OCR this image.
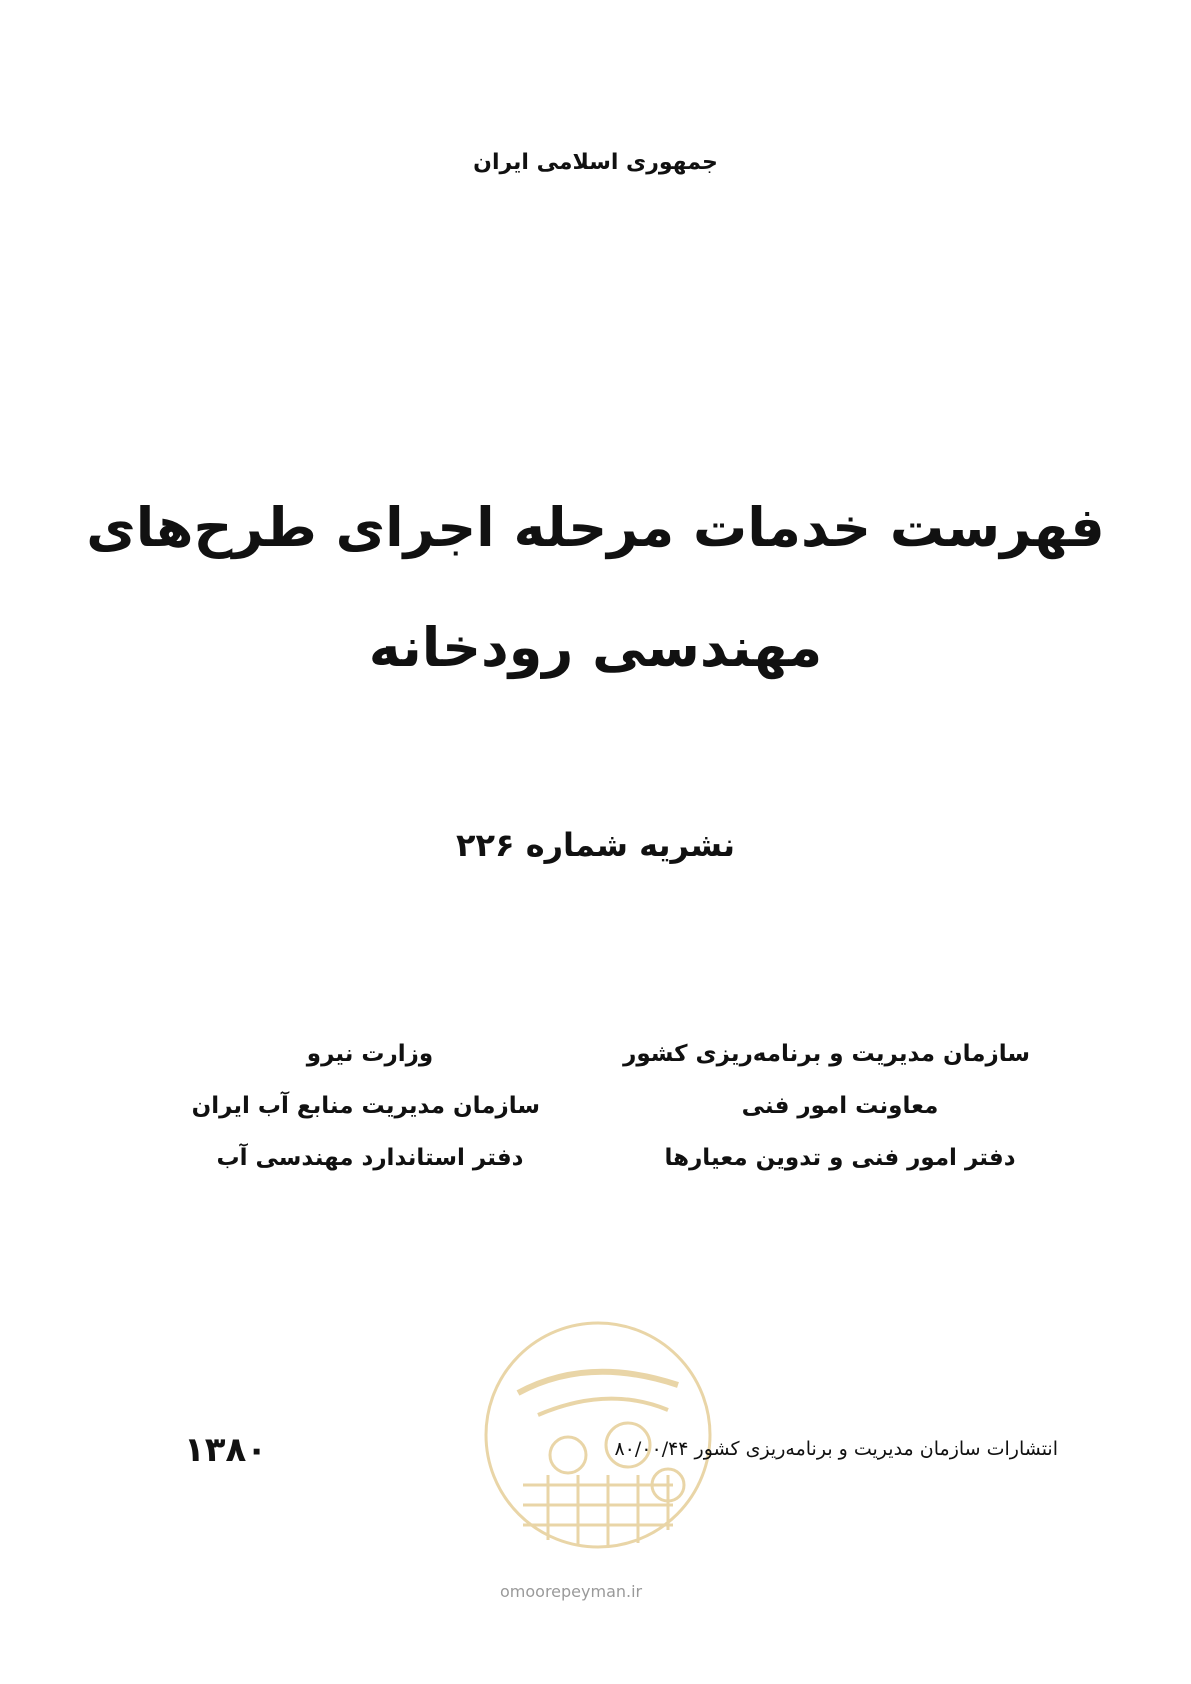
جمهوری اسلامی ایران
فهرست خدمات مرحله اجرای طرح‌های
مهندسی رودخانه
نشریه شماره ۲۲۶
سازمان مدیریت و برنامه‌ریزی کشور
معاونت امور فنی
دفتر امور فنی و تدوین معیارها
وزارت نیرو
سازمان مدیریت منابع آب ایران
دفتر استاندارد مهندسی آب
۱۳۸۰	انتشارات سازمان مدیریت و برنامه‌ریزی کشور ۸۰/۰۰/۴۴
omoorepeyman.ir
